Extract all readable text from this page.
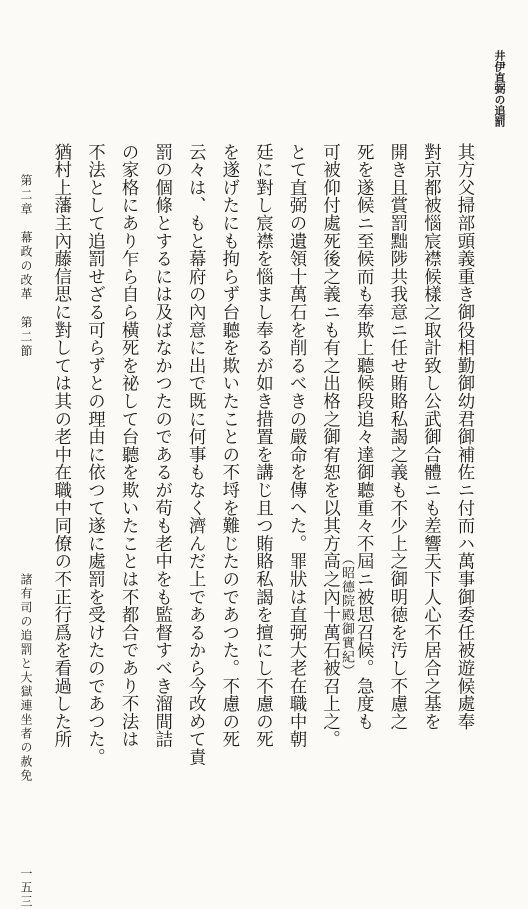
井伊直弼の追罰
其方父掃部頭義重き御役相勤御幼君御補佐ニ付而ハ萬事御委任被遊候處奉
對京都被惱宸襟候樣之取計致し公武御合體ニも差響天下人心不居合之基を
開き且賞罰黜陟共我意ニ任せ賄賂私謁之義も不少上之御明徳を汚し不慮之
死を遂候ニ至候而も奉欺上聽候段追々達御聽重々不屆ニ被思召候。急度も
可被仰付處死後之義ニも有之出格之御宥恕を以其方高之內十萬石被召上之。
とて直弼の遺領十萬石を削るべきの嚴命を傳へた。罪狀は直弼大老在職中朝
廷に對し宸襟を惱まし奉るが如き措置を講じ且つ賄賂私謁を擅にし不慮の死
を遂げたにも拘らず台聽を欺いたことの不埒を難じたのであつた。不慮の死
云々は、もと幕府の內意に出で既に何事もなく濟んだ上であるから今改めて責
罰の個條とするには及ばなかつたのであるが苟も老中をも監督すべき溜間詰
の家格にあり乍ら自ら橫死を祕して台聽を欺いたことは不都合であり不法は
不法として追罰せざる可らずとの理由に依つて遂に處罰を受けたのであつた。
猶村上藩主內藤信思に對しては其の老中在職中同僚の不正行爲を看過した所	（昭德院殿御實紀）
第二章　幕政の改革　第二節
諸有司の追罰と大獄連坐者の赦免　　　　　　一五三
